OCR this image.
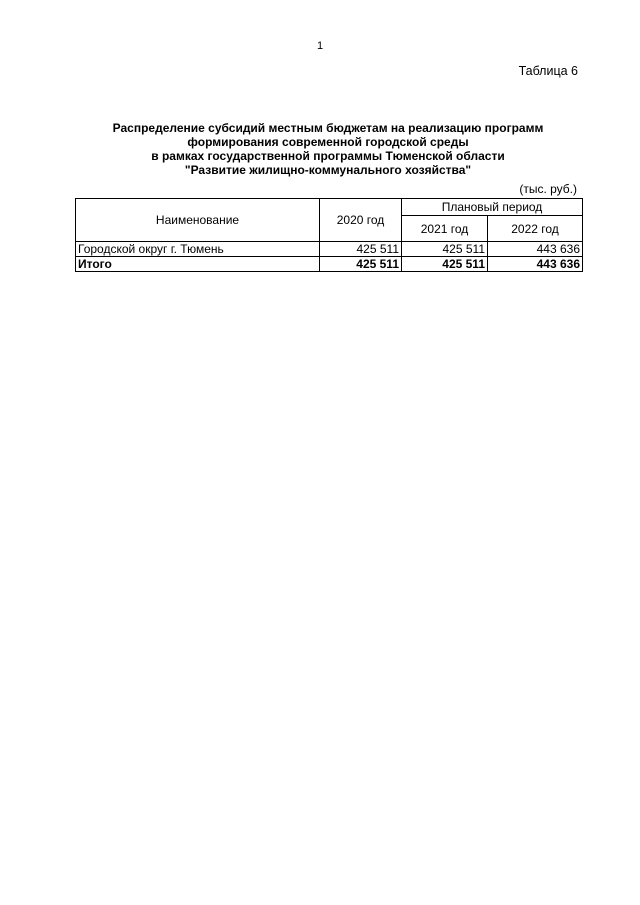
1
Таблица 6
Распределение субсидий местным бюджетам на реализацию программ
формирования современной городской среды
в рамках государственной программы Тюменской области
"Развитие жилищно-коммунального хозяйства"
(тыс. руб.)
Наименование	2020 год	Плановый период	
		2021 год	2022 год
Городской округ г. Тюмень	425 511	425 511	443 636
Итого	425 511	425 511	443 636
